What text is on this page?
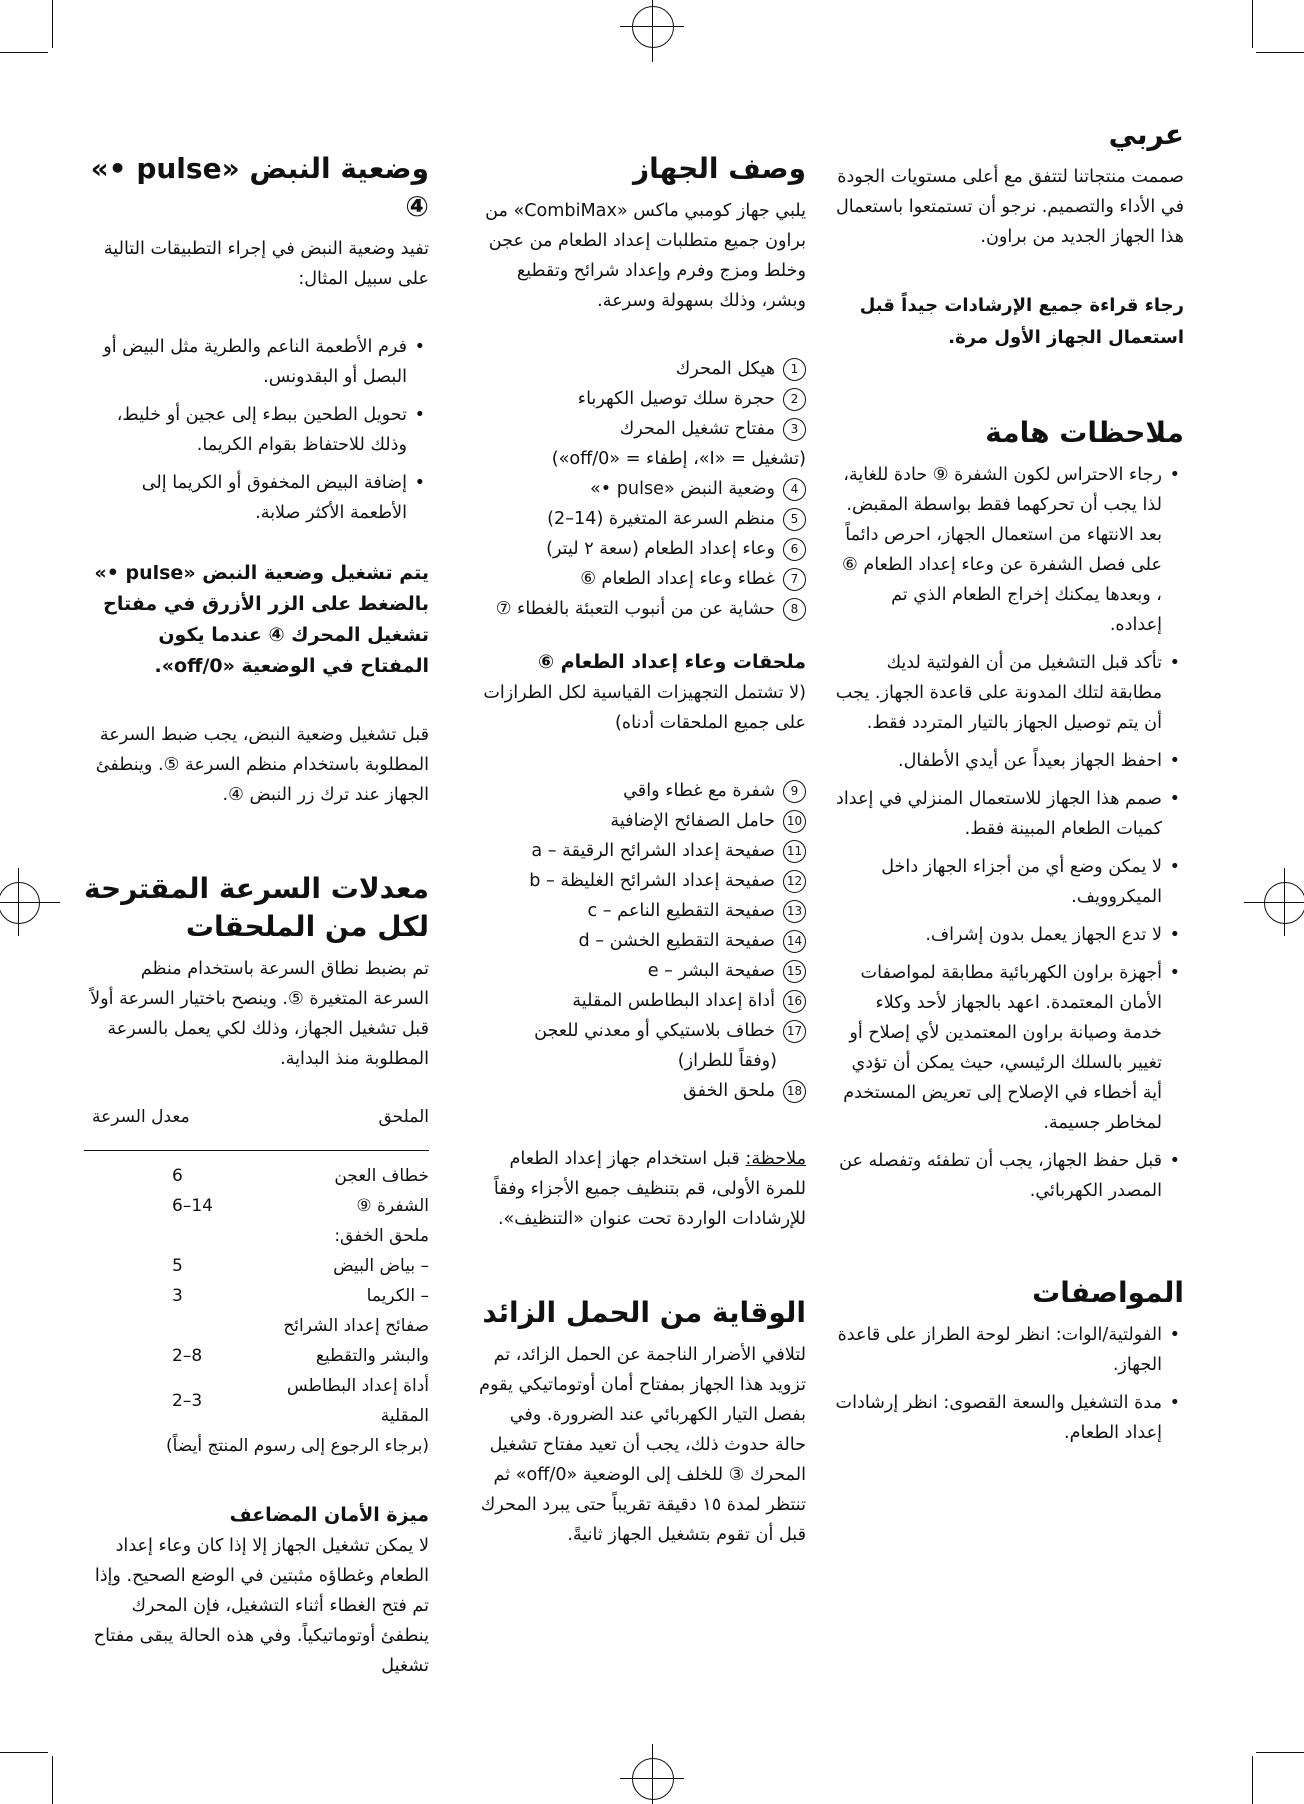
عربي

صممت منتجاتنا لتتفق مع أعلى مستويات الجودة في الأداء والتصميم. نرجو أن تستمتعوا باستعمال هذا الجهاز الجديد من براون.

رجاء قراءة جميع الإرشادات جيداً قبل استعمال الجهاز الأول مرة.
ملاحظات هامة
• رجاء الاحتراس لكون الشفرة ⑨ حادة للغاية، لذا يجب أن تحركهما فقط بواسطة المقبض. بعد الانتهاء من استعمال الجهاز، احرص دائماً على فصل الشفرة عن وعاء إعداد الطعام ⑥ ، وبعدها يمكنك إخراج الطعام الذي تم إعداده.
• تأكد قبل التشغيل من أن الفولتية لديك مطابقة لتلك المدونة على قاعدة الجهاز. يجب أن يتم توصيل الجهاز بالتيار المتردد فقط.
• احفظ الجهاز بعيداً عن أيدي الأطفال.
• صمم هذا الجهاز للاستعمال المنزلي في إعداد كميات الطعام المبينة فقط.
• لا يمكن وضع أي من أجزاء الجهاز داخل الميكروويف.
• لا تدع الجهاز يعمل بدون إشراف.
• أجهزة براون الكهربائية مطابقة لمواصفات الأمان المعتمدة. اعهد بالجهاز لأحد وكلاء خدمة وصيانة براون المعتمدين لأي إصلاح أو تغيير بالسلك الرئيسي، حيث يمكن أن تؤدي أية أخطاء في الإصلاح إلى تعريض المستخدم لمخاطر جسيمة.
• قبل حفظ الجهاز، يجب أن تطفئه وتفصله عن المصدر الكهربائي.
المواصفات
• الفولتية/الوات: انظر لوحة الطراز على قاعدة الجهاز.
• مدة التشغيل والسعة القصوى: انظر إرشادات إعداد الطعام.
وصف الجهاز

يلبي جهاز كومبي ماكس «CombiMax» من براون جميع متطلبات إعداد الطعام من عجن وخلط ومزج وفرم وإعداد شرائح وتقطيع وبشر، وذلك بسهولة وسرعة.

1
هيكل المحرك
2
حجرة سلك توصيل الكهرباء
3
مفتاح تشغيل المحرك
(تشغيل = «I»، إطفاء = «off/0»)
4
وضعية النبض «pulse •»
5
منظم السرعة المتغيرة (14–2)
6
وعاء إعداد الطعام (سعة ٢ ليتر)
7
غطاء وعاء إعداد الطعام ⑥
8
حشاية عن من أنبوب التعبئة بالغطاء ⑦
ملحقات وعاء إعداد الطعام ⑥

(لا تشتمل التجهيزات القياسية لكل الطرازات على جميع الملحقات أدناه)

9
شفرة مع غطاء واقي
10
حامل الصفائح الإضافية
11
صفيحة إعداد الشرائح الرقيقة – a
12
صفيحة إعداد الشرائح الغليظة – b
13
صفيحة التقطيع الناعم – c
14
صفيحة التقطيع الخشن – d
15
صفيحة البشر – e
16
أداة إعداد البطاطس المقلية
17
خطاف بلاستيكي أو معدني للعجن
(وفقاً للطراز)
18
ملحق الخفق

ملاحظة: قبل استخدام جهاز إعداد الطعام للمرة الأولى، قم بتنظيف جميع الأجزاء وفقاً للإرشادات الواردة تحت عنوان «التنظيف».

الوقاية من الحمل الزائد

لتلافي الأضرار الناجمة عن الحمل الزائد، تم تزويد هذا الجهاز بمفتاح أمان أوتوماتيكي يقوم بفصل التيار الكهربائي عند الضرورة. وفي حالة حدوث ذلك، يجب أن تعيد مفتاح تشغيل المحرك ③ للخلف إلى الوضعية «off/0» ثم تنتظر لمدة ١٥ دقيقة تقريباً حتى يبرد المحرك قبل أن تقوم بتشغيل الجهاز ثانيةً.

وضعية النبض «pulse •» ④

تفيد وضعية النبض في إجراء التطبيقات التالية على سبيل المثال:

• فرم الأطعمة الناعم والطرية مثل البيض أو البصل أو البقدونس.
• تحويل الطحين ببطء إلى عجين أو خليط، وذلك للاحتفاظ بقوام الكريما.
• إضافة البيض المخفوق أو الكريما إلى الأطعمة الأكثر صلابة.
يتم تشغيل وضعية النبض «pulse •» بالضغط على الزر الأزرق في مفتاح تشغيل المحرك ④ عندما يكون المفتاح في الوضعية «off/0».

قبل تشغيل وضعية النبض، يجب ضبط السرعة المطلوبة باستخدام منظم السرعة ⑤. وينطفئ الجهاز عند ترك زر النبض ④.

معدلات السرعة المقترحة لكل من الملحقات

تم بضبط نطاق السرعة باستخدام منظم السرعة المتغيرة ⑤. وينصح باختيار السرعة أولاً قبل تشغيل الجهاز، وذلك لكي يعمل بالسرعة المطلوبة منذ البداية.

الملحق	معدل السرعة

خطاف العجن	6
الشفرة ⑨	6–14
ملحق الخفق:	
– بياض البيض	5
– الكريما	3
صفائح إعداد الشرائح	
والبشر والتقطيع	2–8
أداة إعداد البطاطس المقلية	2–3
(برجاء الرجوع إلى رسوم المنتج أيضاً)	
ميزة الأمان المضاعف

لا يمكن تشغيل الجهاز إلا إذا كان وعاء إعداد الطعام وغطاؤه مثبتين في الوضع الصحيح. وإذا تم فتح الغطاء أثناء التشغيل، فإن المحرك ينطفئ أوتوماتيكياً. وفي هذه الحالة يبقى مفتاح تشغيل
